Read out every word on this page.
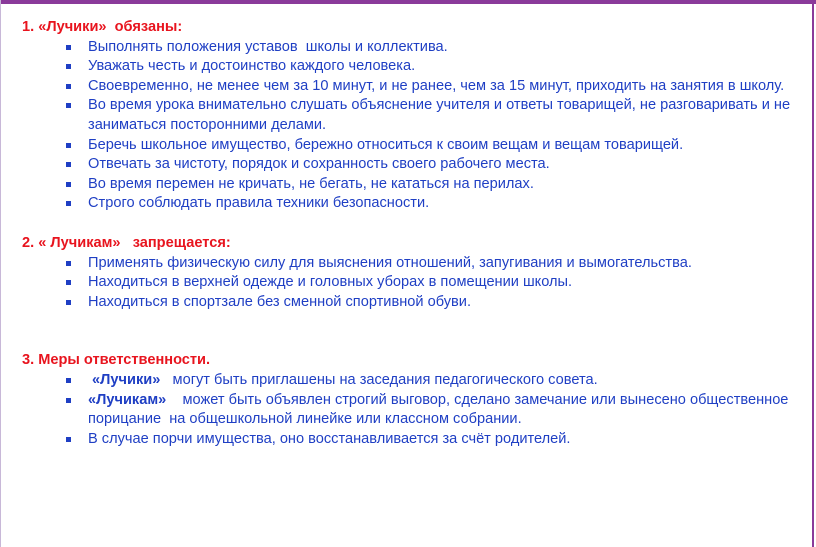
1. «Лучики»  обязаны:
Выполнять положения уставов  школы и коллектива.
Уважать честь и достоинство каждого человека.
Своевременно, не менее чем за 10 минут, и не ранее, чем за 15 минут, приходить на занятия в школу.
Во время урока внимательно слушать объяснение учителя и ответы товарищей, не разговаривать и не заниматься посторонними делами.
Беречь школьное имущество, бережно относиться к своим вещам и вещам товарищей.
Отвечать за чистоту, порядок и сохранность своего рабочего места.
Во время перемен не кричать, не бегать, не кататься на перилах.
Строго соблюдать правила техники безопасности.
2. « Лучикам»   запрещается:
Применять физическую силу для выяснения отношений, запугивания и вымогательства.
Находиться в верхней одежде и головных уборах в помещении школы.
Находиться в спортзале без сменной спортивной обуви.
3. Меры ответственности.
«Лучики»   могут быть приглашены на заседания педагогического совета.
«Лучикам»    может быть объявлен строгий выговор, сделано замечание или вынесено общественное порицание  на общешкольной линейке или классном собрании.
В случае порчи имущества, оно восстанавливается за счёт родителей.
